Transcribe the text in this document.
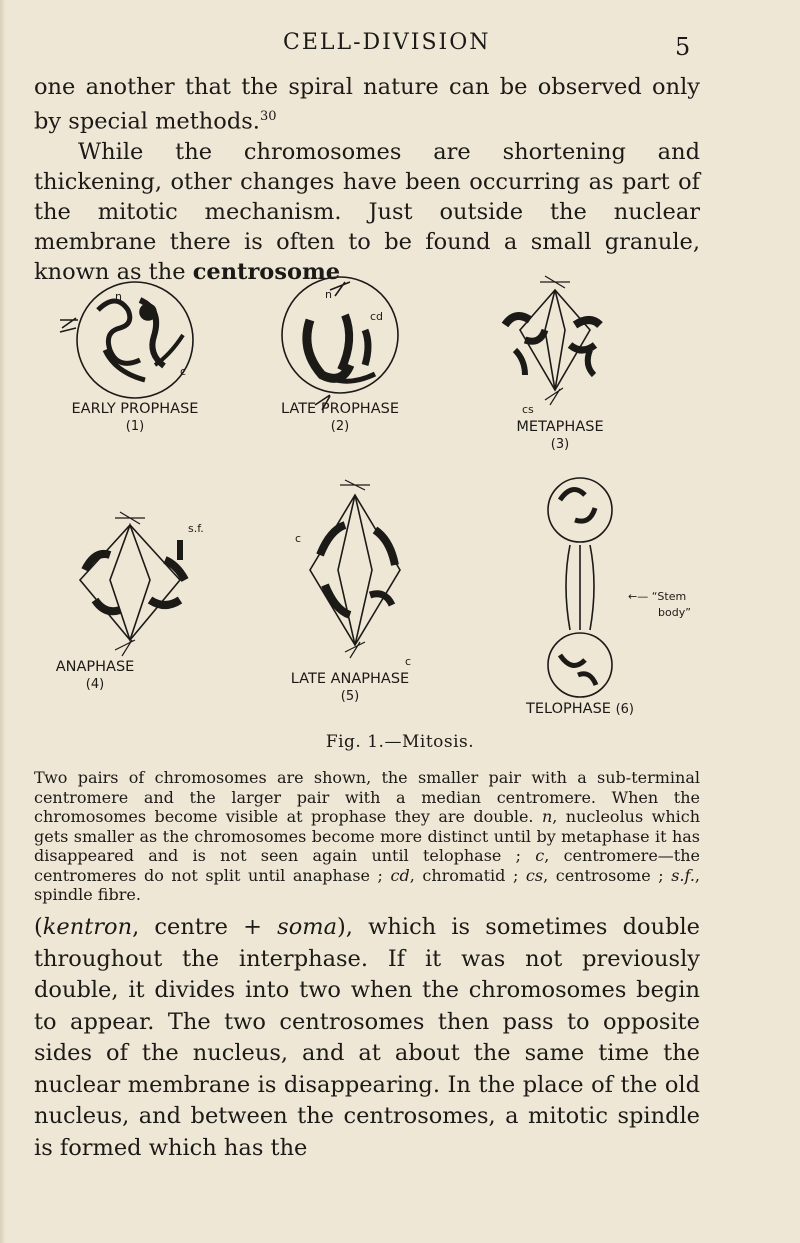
CELL-DIVISION	5

one another that the spiral nature can be observed only by special methods.$^{30}$
While the chromosomes are shortening and thickening, other changes have been occurring as part of the mitotic mechanism. Just outside the nuclear membrane there is often to be found a small granule, known as the centrosome

EARLY PROPHASE
(1)
LATE PROPHASE
(2)	METAPHASE
(3)
ANAPHASE
(4)	LATE ANAPHASE
(5)
TELOPHASE (6)
n
c
n
cd
cs
s.f.
c
c
←— “Stem
body”
Fig. 1.—Mitosis.

Two pairs of chromosomes are shown, the smaller pair with a sub-terminal centromere and the larger pair with a median centromere. When the chromosomes become visible at prophase they are double. n, nucleolus which gets smaller as the chromosomes become more distinct until by metaphase it has disappeared and is not seen again until telophase ; c, centromere—the centromeres do not split until anaphase ; cd, chromatid ; cs, centrosome ; s.f., spindle fibre.

(kentron, centre + soma), which is sometimes double throughout the interphase. If it was not previously double, it divides into two when the chromosomes begin to appear. The two centrosomes then pass to opposite sides of the nucleus, and at about the same time the nuclear membrane is disappearing. In the place of the old nucleus, and between the centrosomes, a mitotic spindle is formed which has the
